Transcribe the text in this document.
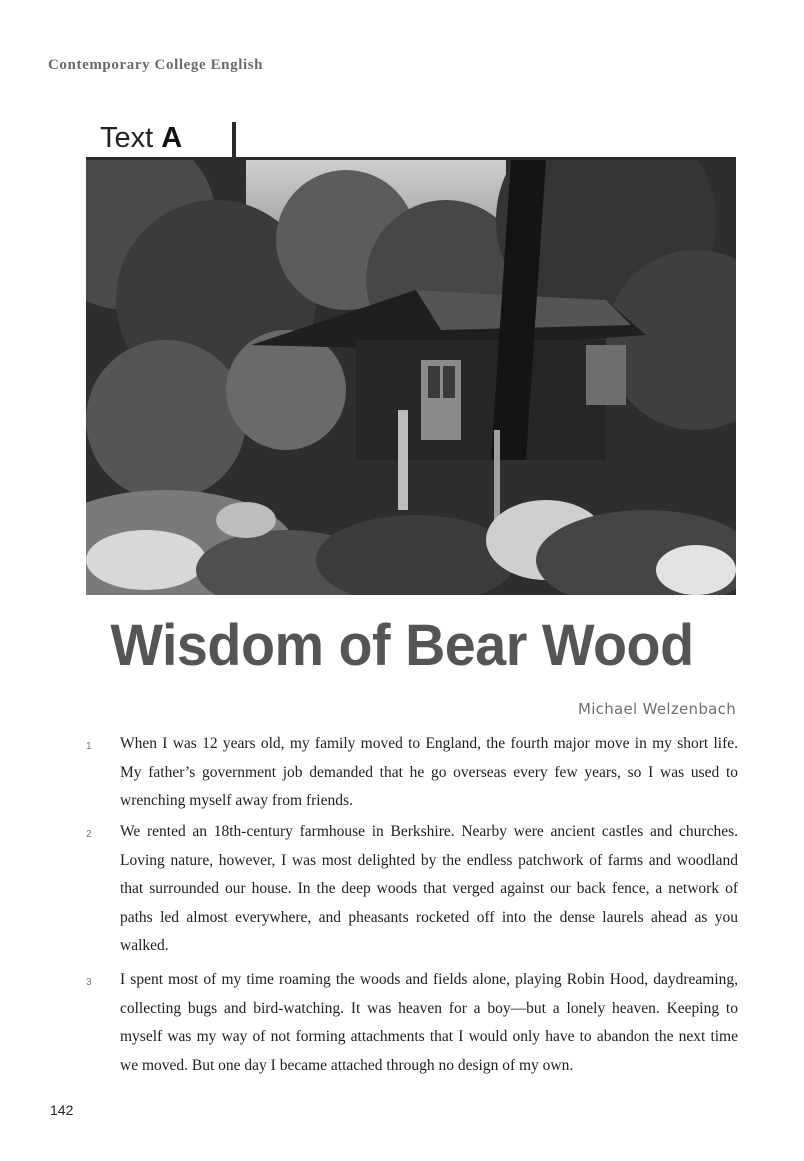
Contemporary College English
Text A
Wisdom of Bear Wood
Michael Welzenbach
1 When I was 12 years old, my family moved to England, the fourth major move in my short life. My father’s government job demanded that he go overseas every few years, so I was used to wrenching myself away from friends.
2 We rented an 18th-century farmhouse in Berkshire. Nearby were ancient castles and churches. Loving nature, however, I was most delighted by the endless patchwork of farms and woodland that surrounded our house. In the deep woods that verged against our back fence, a network of paths led almost everywhere, and pheasants rocketed off into the dense laurels ahead as you walked.
3 I spent most of my time roaming the woods and fields alone, playing Robin Hood, daydreaming, collecting bugs and bird-watching. It was heaven for a boy—but a lonely heaven. Keeping to myself was my way of not forming attachments that I would only have to abandon the next time we moved. But one day I became attached through no design of my own.
142
